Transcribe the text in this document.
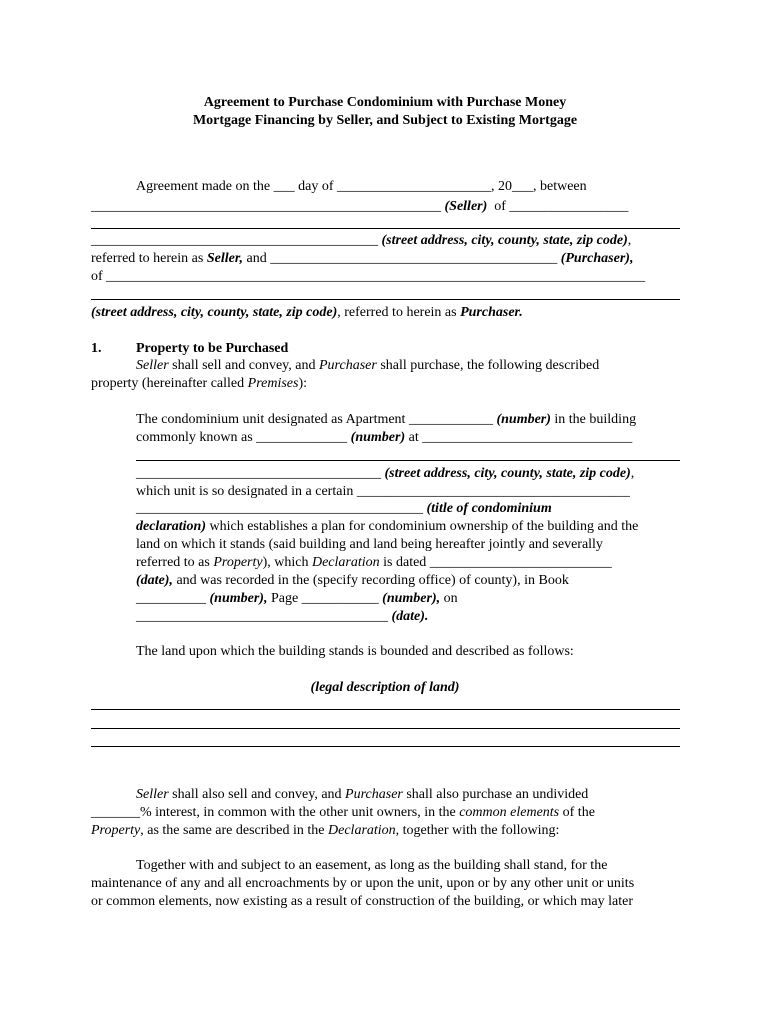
Agreement to Purchase Condominium with Purchase Money
Mortgage Financing by Seller, and Subject to Existing Mortgage
Agreement made on the ___ day of ______________________, 20___, between
__________________________________________________ (Seller)  of _________________
_________________________________________ (street address, city, county, state, zip code),
referred to herein as Seller, and _________________________________________ (Purchaser),
of _____________________________________________________________________________
(street address, city, county, state, zip code), referred to herein as Purchaser.
1. Property to be Purchased
Seller shall sell and convey, and Purchaser shall purchase, the following described
property (hereinafter called Premises):
The condominium unit designated as Apartment ____________ (number) in the building
commonly known as _____________ (number) at ______________________________
___________________________________ (street address, city, county, state, zip code),
which unit is so designated in a certain _______________________________________
_________________________________________ (title of condominium
declaration) which establishes a plan for condominium ownership of the building and the
land on which it stands (said building and land being hereafter jointly and severally
referred to as Property), which Declaration is dated __________________________
(date), and was recorded in the (specify recording office) of county), in Book
__________ (number), Page ___________ (number), on
____________________________________ (date).
The land upon which the building stands is bounded and described as follows:
(legal description of land)
Seller shall also sell and convey, and Purchaser shall also purchase an undivided
_______% interest, in common with the other unit owners, in the common elements of the
Property, as the same are described in the Declaration, together with the following:
Together with and subject to an easement, as long as the building shall stand, for the
maintenance of any and all encroachments by or upon the unit, upon or by any other unit or units
or common elements, now existing as a result of construction of the building, or which may later
